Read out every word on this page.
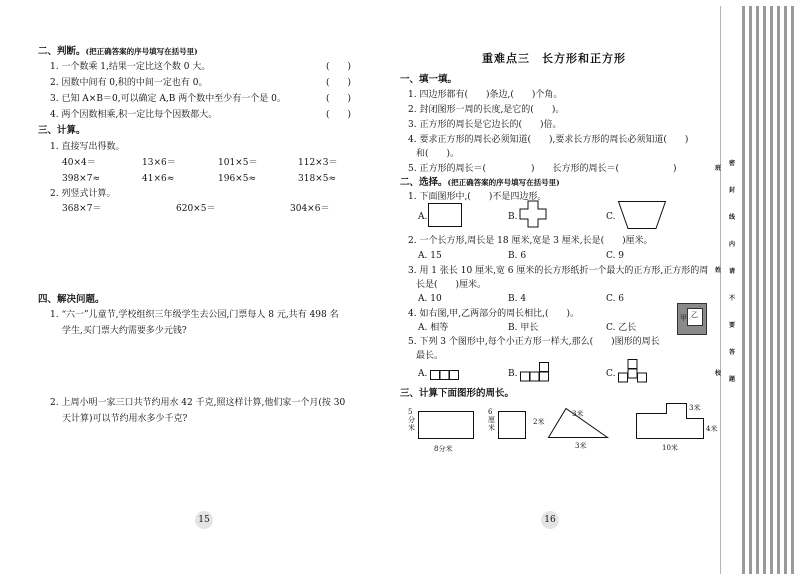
二、判断。(把正确答案的序号填写在括号里)
1. 一个数乘 1,结果一定比这个数 0 大。	(　　)
2. 因数中间有 0,积的中间一定也有 0。	(　　)
3. 已知 A×B＝0,可以确定 A,B 两个数中至少有一个是 0。	(　　)
4. 两个因数相乘,积一定比每个因数都大。	(　　)
三、计算。
1. 直接写出得数。
40×4＝	13×6＝	101×5＝	112×3＝
398×7≈	41×6≈	196×5≈	318×5≈
2. 列竖式计算。
368×7＝	620×5＝	304×6＝
四、解决问题。
1. “六一”儿童节,学校组织三年级学生去公园,门票每人 8 元,共有 498 名
学生,买门票大约需要多少元钱?
2. 上周小明一家三口共节约用水 42 千克,照这样计算,他们家一个月(按 30
天计算)可以节约用水多少千克?
15
重难点三　长方形和正方形
一、填一填。
1. 四边形都有(　　)条边,(　　)个角。
2. 封闭图形一周的长度,是它的(　　)。
3. 正方形的周长是它边长的(　　)倍。
4. 要求正方形的周长必须知道(　　),要求长方形的周长必须知道(　　)
和(　　)。
5. 正方形的周长＝(　　　　　)　　长方形的周长＝(　　　　　　)
二、选择。(把正确答案的序号填写在括号里)
1. 下面图形中,(　　)不是四边形。
A.	B.	C.
2. 一个长方形,周长是 18 厘米,宽是 3 厘米,长是(　　)厘米。
A. 15	B. 6	C. 9
3. 用 1 张长 10 厘米,宽 6 厘米的长方形纸折一个最大的正方形,正方形的周
长是(　　)厘米。
A. 10	B. 4	C. 6
4. 如右图,甲,乙两部分的周长相比,(　　)。
A. 相等	B. 甲长	C. 乙长
甲 乙
5. 下列 3 个图形中,每个小正方形一样大,那么(　　)图形的周长
最长。
A.	B.	C.
三、计算下面图形的周长。
5
分
米
8分米
6
厘
米
2米
3米
3米
3米
4米
10米
16
班
姓
校
密
封
线
内
请
不
要
答
题
